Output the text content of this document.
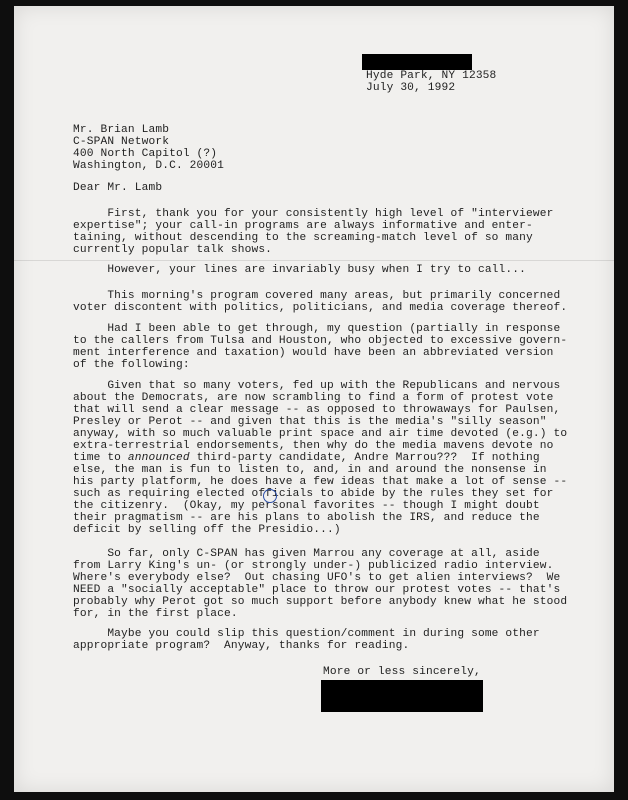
Hyde Park, NY 12358
July 30, 1992
Mr. Brian Lamb
C-SPAN Network
400 North Capitol (?)
Washington, D.C. 20001
Dear Mr. Lamb
First, thank you for your consistently high level of "interviewer
expertise"; your call-in programs are always informative and enter-
taining, without descending to the screaming-match level of so many
currently popular talk shows.
However, your lines are invariably busy when I try to call...
This morning's program covered many areas, but primarily concerned
voter discontent with politics, politicians, and media coverage thereof.
Had I been able to get through, my question (partially in response
to the callers from Tulsa and Houston, who objected to excessive govern-
ment interference and taxation) would have been an abbreviated version
of the following:
Given that so many voters, fed up with the Republicans and nervous
about the Democrats, are now scrambling to find a form of protest vote
that will send a clear message -- as opposed to throwaways for Paulsen,
Presley or Perot -- and given that this is the media's "silly season"
anyway, with so much valuable print space and air time devoted (e.g.) to
extra-terrestrial endorsements, then why do the media mavens devote no
time to announced third-party candidate, Andre Marrou???  If nothing
else, the man is fun to listen to, and, in and around the nonsense in
his party platform, he does have a few ideas that make a lot of sense --
such as requiring elected officials to abide by the rules they set for
the citizenry.  (Okay, my personal favorites -- though I might doubt
their pragmatism -- are his plans to abolish the IRS, and reduce the
deficit by selling off the Presidio...)
So far, only C-SPAN has given Marrou any coverage at all, aside
from Larry King's un- (or strongly under-) publicized radio interview.
Where's everybody else?  Out chasing UFO's to get alien interviews?  We
NEED a "socially acceptable" place to throw our protest votes -- that's
probably why Perot got so much support before anybody knew what he stood
for, in the first place.
Maybe you could slip this question/comment in during some other
appropriate program?  Anyway, thanks for reading.
More or less sincerely,
